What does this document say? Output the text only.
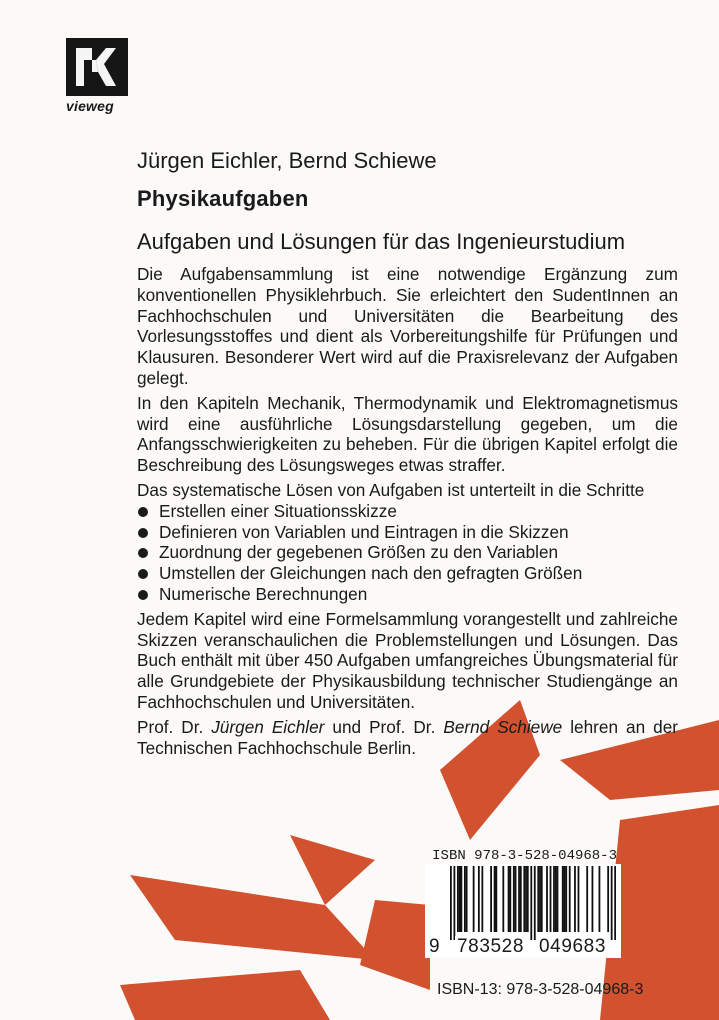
vieweg
Jürgen Eichler, Bernd Schiewe
Physikaufgaben
Aufgaben und Lösungen für das Ingenieurstudium

Die Aufgabensammlung ist eine notwendige Ergänzung zum konventionellen Physiklehrbuch. Sie erleichtert den SudentInnen an Fachhochschulen und Universitäten die Bearbeitung des Vorlesungsstoffes und dient als Vorbereitungshilfe für Prüfungen und Klausuren. Besonderer Wert wird auf die Praxisrelevanz der Aufgaben gelegt.

In den Kapiteln Mechanik, Thermodynamik und Elektromagnetismus wird eine ausführliche Lösungsdarstellung gegeben, um die Anfangsschwierigkeiten zu beheben. Für die übrigen Kapitel erfolgt die Beschreibung des Lösungsweges etwas straffer.

Das systematische Lösen von Aufgaben ist unterteilt in die Schritte

Erstellen einer Situationsskizze
Definieren von Variablen und Eintragen in die Skizzen
Zuordnung der gegebenen Größen zu den Variablen
Umstellen der Gleichungen nach den gefragten Größen
Numerische Berechnungen

Jedem Kapitel wird eine Formelsammlung vorangestellt und zahlreiche Skizzen veranschaulichen die Problemstellungen und Lösungen. Das Buch enthält mit über 450 Aufgaben umfangreiches Übungsmaterial für alle Grundgebiete der Physikausbildung technischer Studiengänge an Fachhochschulen und Universitäten.

Prof. Dr. Jürgen Eichler und Prof. Dr. Bernd Schiewe lehren an der Technischen Fachhochschule Berlin.

ISBN 978-3-528-04968-3
9 783528 049683
ISBN-13: 978-3-528-04968-3
